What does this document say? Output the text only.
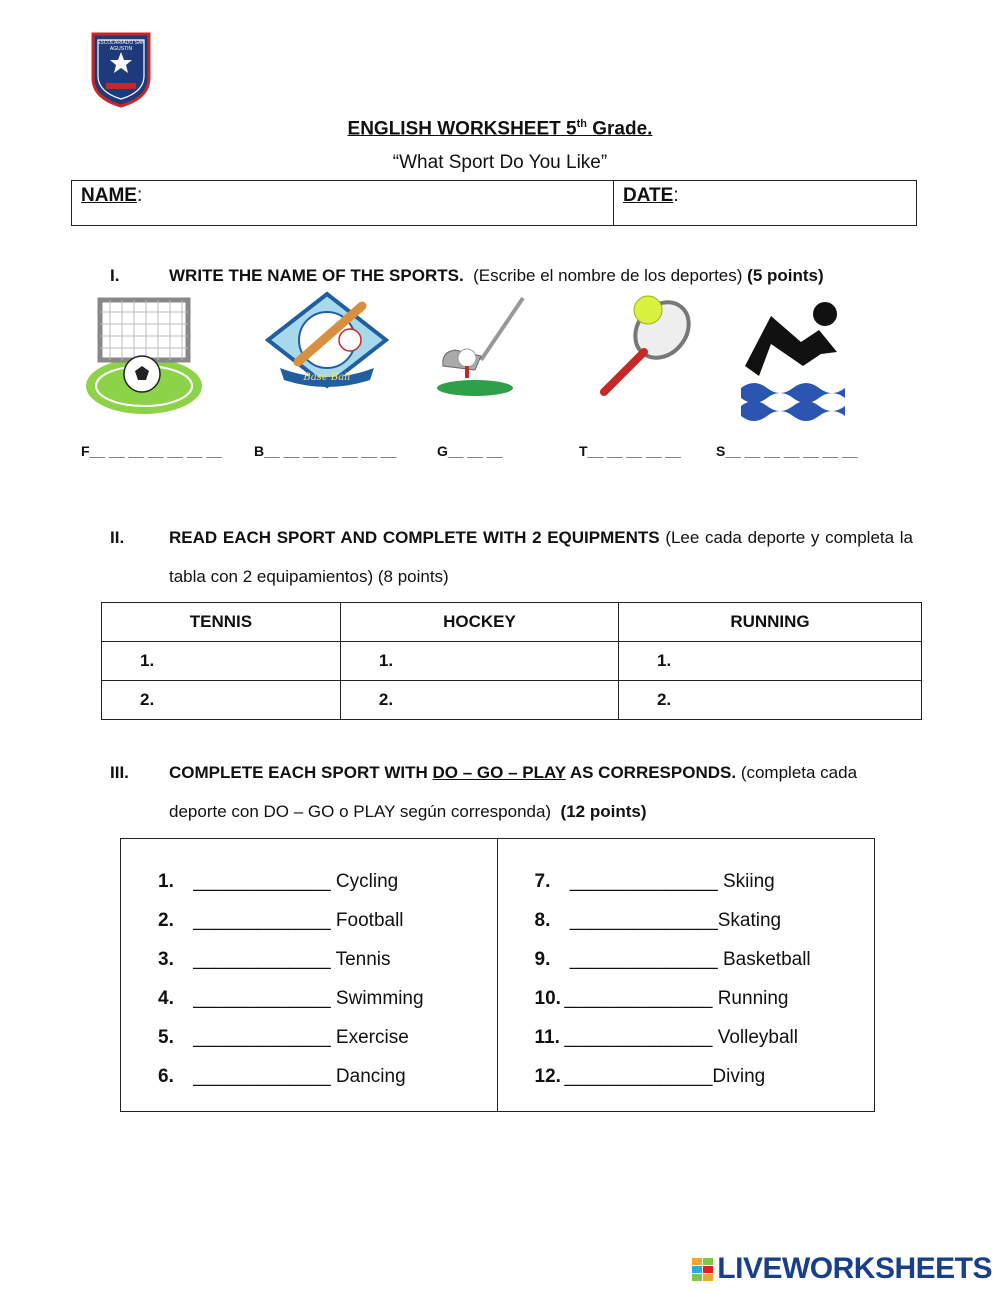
ESCOLARIADO SAN AGUSTIN
ENGLISH WORKSHEET 5th Grade.
“What Sport Do You Like”
NAME:	DATE:
I.	WRITE THE NAME OF THE SPORTS. (Escribe el nombre de los deportes) (5 points)
Base Ball
F__ __ __ __ __ __ __ B__ __ __ __ __ __ __	G__ __ __	T__ __ __ __ __	S__ __ __ __ __ __ __
II.	READ EACH SPORT AND COMPLETE WITH 2 EQUIPMENTS (Lee cada deporte y completa la tabla con 2 equipamientos) (8 points)
TENNIS	HOCKEY	RUNNING
1.	1.	1.
2.	2.	2.
III. COMPLETE EACH SPORT WITH DO – GO – PLAY AS CORRESPONDS. (completa cada deporte con DO – GO o PLAY según corresponda) (12 points)
1. _____________ Cycling
2. _____________ Football
3. _____________ Tennis
4. _____________ Swimming
5. _____________ Exercise
6. _____________ Dancing
7. ______________ Skiing
8. ______________Skating
9. ______________ Basketball
10. ______________ Running
11. ______________ Volleyball
12. ______________Diving
LIVEWORKSHEETS
